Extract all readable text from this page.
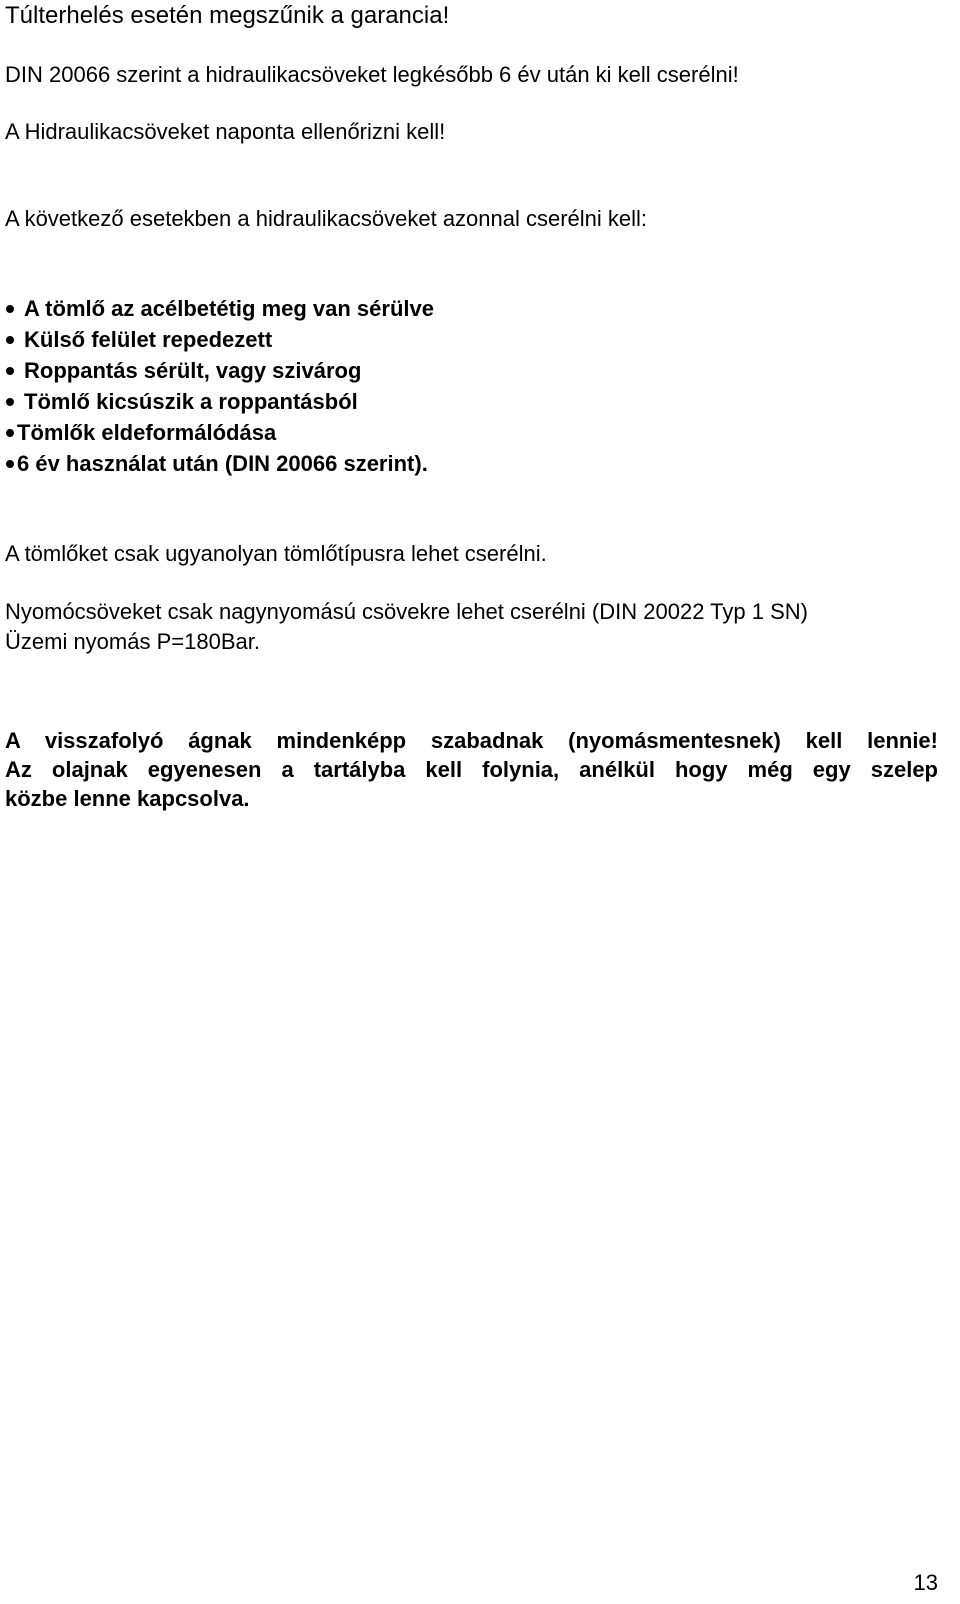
Túlterhelés esetén megszűnik a garancia!

DIN 20066 szerint a hidraulikacsöveket legkésőbb 6 év után ki kell cserélni!

A Hidraulikacsöveket naponta ellenőrizni kell!

A következő esetekben a hidraulikacsöveket azonnal cserélni kell:

A tömlő az acélbetétig meg van sérülve
Külső felület repedezett
Roppantás sérült, vagy szivárog
Tömlő kicsúszik a roppantásból
Tömlők eldeformálódása
6 év használat után (DIN 20066 szerint).

A tömlőket csak ugyanolyan tömlőtípusra lehet cserélni.

Nyomócsöveket csak nagynyomású csövekre lehet cserélni (DIN 20022 Typ 1 SN)

Üzemi nyomás P=180Bar.

A visszafolyó ágnak mindenképp szabadnak (nyomásmentesnek) kell lennie!
Az olajnak egyenesen a tartályba kell folynia, anélkül hogy még egy szelep
közbe lenne kapcsolva.
13
